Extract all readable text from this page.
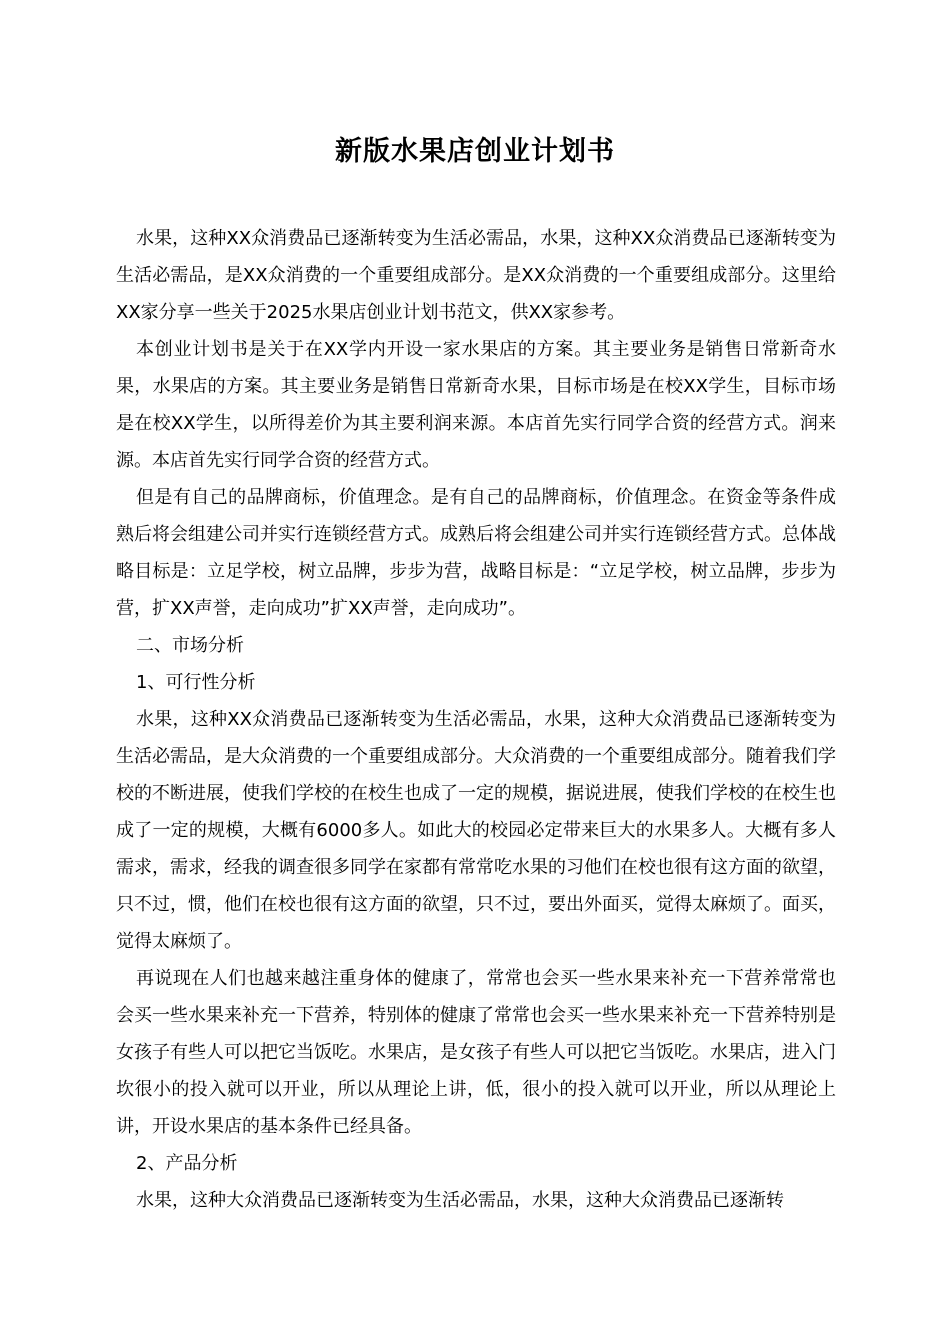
新版水果店创业计划书

水果，这种XX众消费品已逐渐转变为生活必需品，水果，这种XX众消费品已逐渐转变为生活必需品，是XX众消费的一个重要组成部分。是XX众消费的一个重要组成部分。这里给XX家分享一些关于2025水果店创业计划书范文，供XX家参考。

本创业计划书是关于在XX学内开设一家水果店的方案。其主要业务是销售日常新奇水果，水果店的方案。其主要业务是销售日常新奇水果，目标市场是在校XX学生，目标市场是在校XX学生，以所得差价为其主要利润来源。本店首先实行同学合资的经营方式。润来源。本店首先实行同学合资的经营方式。

但是有自己的品牌商标，价值理念。是有自己的品牌商标，价值理念。在资金等条件成熟后将会组建公司并实行连锁经营方式。成熟后将会组建公司并实行连锁经营方式。总体战略目标是：立足学校，树立品牌，步步为营，战略目标是：“立足学校，树立品牌，步步为营，扩XX声誉，走向成功”扩XX声誉，走向成功”。

二、市场分析

1、可行性分析

水果，这种XX众消费品已逐渐转变为生活必需品，水果，这种大众消费品已逐渐转变为生活必需品，是大众消费的一个重要组成部分。大众消费的一个重要组成部分。随着我们学校的不断进展，使我们学校的在校生也成了一定的规模，据说进展，使我们学校的在校生也成了一定的规模，大概有6000多人。如此大的校园必定带来巨大的水果多人。大概有多人需求，需求，经我的调查很多同学在家都有常常吃水果的习他们在校也很有这方面的欲望，只不过，惯，他们在校也很有这方面的欲望，只不过，要出外面买，觉得太麻烦了。面买，觉得太麻烦了。

再说现在人们也越来越注重身体的健康了，常常也会买一些水果来补充一下营养常常也会买一些水果来补充一下营养，特别体的健康了常常也会买一些水果来补充一下营养特别是女孩子有些人可以把它当饭吃。水果店，是女孩子有些人可以把它当饭吃。水果店，进入门坎很小的投入就可以开业，所以从理论上讲，低，很小的投入就可以开业，所以从理论上讲，开设水果店的基本条件已经具备。

2、产品分析

水果，这种大众消费品已逐渐转变为生活必需品，水果，这种大众消费品已逐渐转
